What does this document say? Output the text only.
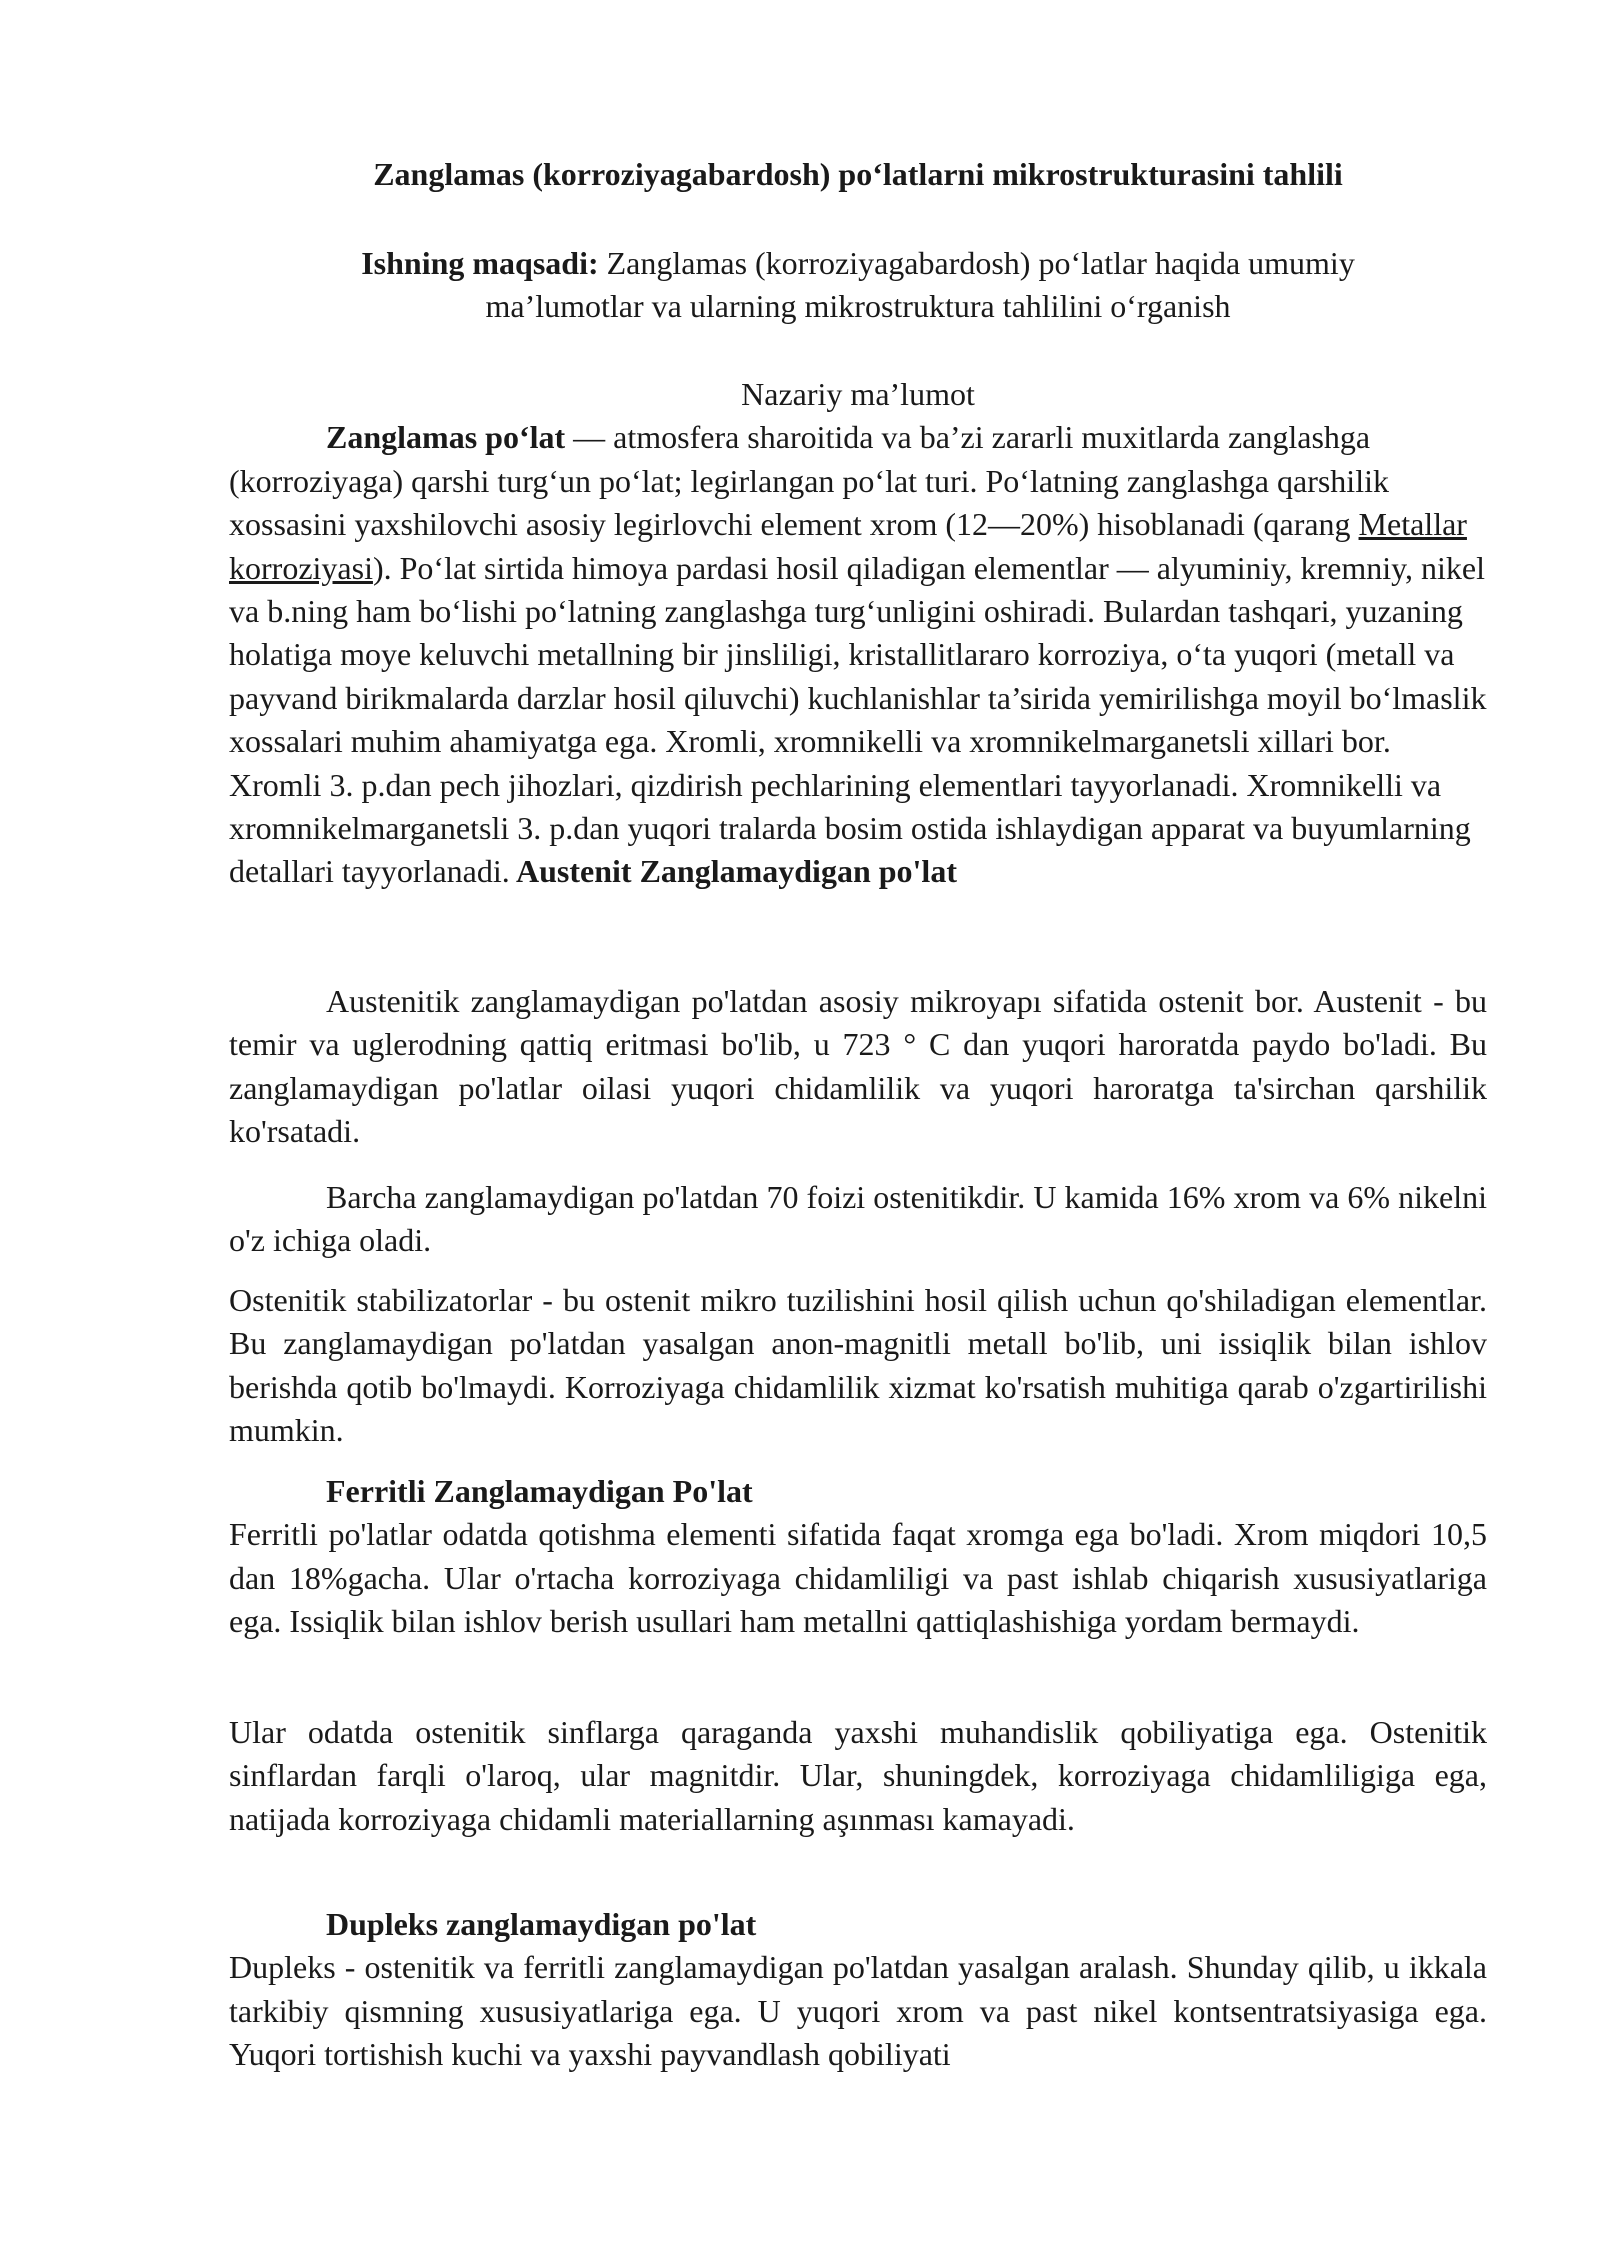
Zanglamas (korroziyagabardosh) po‘latlarni mikrostrukturasini tahlili

Ishning maqsadi: Zanglamas (korroziyagabardosh) po‘latlar haqida umumiy

ma’lumotlar va ularning mikrostruktura tahlilini o‘rganish

Nazariy ma’lumot

Zanglamas po‘lat — atmosfera sharoitida va ba’zi zararli muxitlarda zanglashga (korroziyaga) qarshi turg‘un po‘lat; legirlangan po‘lat turi. Po‘latning zanglashga qarshilik xossasini yaxshilovchi asosiy legirlovchi element xrom (12—20%) hisoblanadi (qarang Metallar korroziyasi). Po‘lat sirtida himoya pardasi hosil qiladigan elementlar — alyuminiy, kremniy, nikel va b.ning ham bo‘lishi po‘latning zanglashga turg‘unligini oshiradi. Bulardan tashqari, yuzaning holatiga moye keluvchi metallning bir jinsliligi, kristallitlararo korroziya, o‘ta yuqori (metall va payvand birikmalarda darzlar hosil qiluvchi) kuchlanishlar ta’sirida yemirilishga moyil bo‘lmaslik xossalari muhim ahamiyatga ega. Xromli, xromnikelli va xromnikelmarganetsli xillari bor. Xromli 3. p.dan pech jihozlari, qizdirish pechlarining elementlari tayyorlanadi. Xromnikelli va xromnikelmarganetsli 3. p.dan yuqori tralarda bosim ostida ishlaydigan apparat va buyumlarning detallari tayyorlanadi. Austenit Zanglamaydigan po'lat

Austenitik zanglamaydigan po'latdan asosiy mikroyapı sifatida ostenit bor. Austenit - bu temir va uglerodning qattiq eritmasi bo'lib, u 723 ° C dan yuqori haroratda paydo bo'ladi. Bu zanglamaydigan po'latlar oilasi yuqori chidamlilik va yuqori haroratga ta'sirchan qarshilik ko'rsatadi.

Barcha zanglamaydigan po'latdan 70 foizi ostenitikdir. U kamida 16% xrom va 6% nikelni o'z ichiga oladi.

Ostenitik stabilizatorlar - bu ostenit mikro tuzilishini hosil qilish uchun qo'shiladigan elementlar. Bu zanglamaydigan po'latdan yasalgan anon-magnitli metall bo'lib, uni issiqlik bilan ishlov berishda qotib bo'lmaydi. Korroziyaga chidamlilik xizmat ko'rsatish muhitiga qarab o'zgartirilishi mumkin.

Ferritli Zanglamaydigan Po'lat

Ferritli po'latlar odatda qotishma elementi sifatida faqat xromga ega bo'ladi. Xrom miqdori 10,5 dan 18%gacha. Ular o'rtacha korroziyaga chidamliligi va past ishlab chiqarish xususiyatlariga ega. Issiqlik bilan ishlov berish usullari ham metallni qattiqlashishiga yordam bermaydi.

Ular odatda ostenitik sinflarga qaraganda yaxshi muhandislik qobiliyatiga ega. Ostenitik sinflardan farqli o'laroq, ular magnitdir. Ular, shuningdek, korroziyaga chidamliligiga ega, natijada korroziyaga chidamli materiallarning aşınması kamayadi.

Dupleks zanglamaydigan po'lat

Dupleks - ostenitik va ferritli zanglamaydigan po'latdan yasalgan aralash. Shunday qilib, u ikkala tarkibiy qismning xususiyatlariga ega. U yuqori xrom va past nikel kontsentratsiyasiga ega. Yuqori tortishish kuchi va yaxshi payvandlash qobiliyati
